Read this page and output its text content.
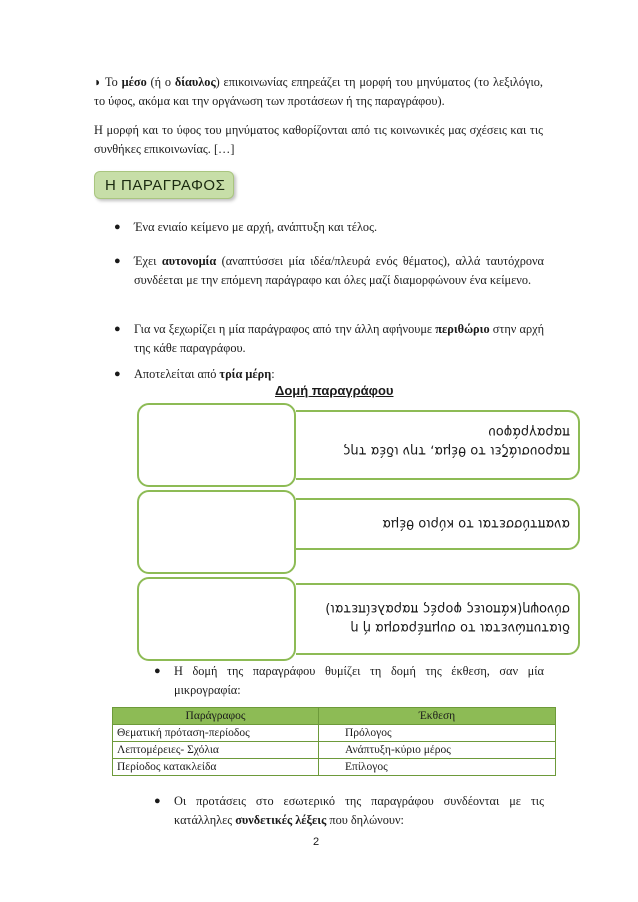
◗ Το μέσο (ή ο δίαυλος) επικοινωνίας επηρεάζει τη μορφή του μηνύματος (το λεξιλόγιο, το ύφος, ακόμα και την οργάνωση των προτάσεων ή της παραγράφου).
Η μορφή και το ύφος του μηνύματος καθορίζονται από τις κοινωνικές μας σχέσεις και τις συνθήκες επικοινωνίας. […]
Η ΠΑΡΑΓΡΑΦΟΣ
● Ένα ενιαίο κείμενο με αρχή, ανάπτυξη και τέλος.
● Έχει αυτονομία (αναπτύσσει μία ιδέα/πλευρά ενός θέματος), αλλά ταυτόχρονα συνδέεται με την επόμενη παράγραφο και όλες μαζί διαμορφώνουν ένα κείμενο.
● Για να ξεχωρίζει η μία παράγραφος από την άλλη αφήνουμε περιθώριο στην αρχή της κάθε παραγράφου.
● Αποτελείται από τρία μέρη:
Δομή παραγράφου
παρουσιάζει το θέμα, την ιδέα της
παραγράφου
αναπτύσσεται το κύριο θέμα
διατυπώνεται το συμπέρασμα ή η
σύνοψη(κάποιες φορές παραλείπεται)
● Η δομή της παραγράφου θυμίζει τη δομή της έκθεση, σαν μία μικρογραφία:
Παράγραφος	Έκθεση
Θεματική πρόταση-περίοδος	Πρόλογος
Λεπτομέρειες- Σχόλια	Ανάπτυξη-κύριο μέρος
Περίοδος κατακλείδα	Επίλογος
● Οι προτάσεις στο εσωτερικό της παραγράφου συνδέονται με τις κατάλληλες συνδετικές λέξεις που δηλώνουν:
2
